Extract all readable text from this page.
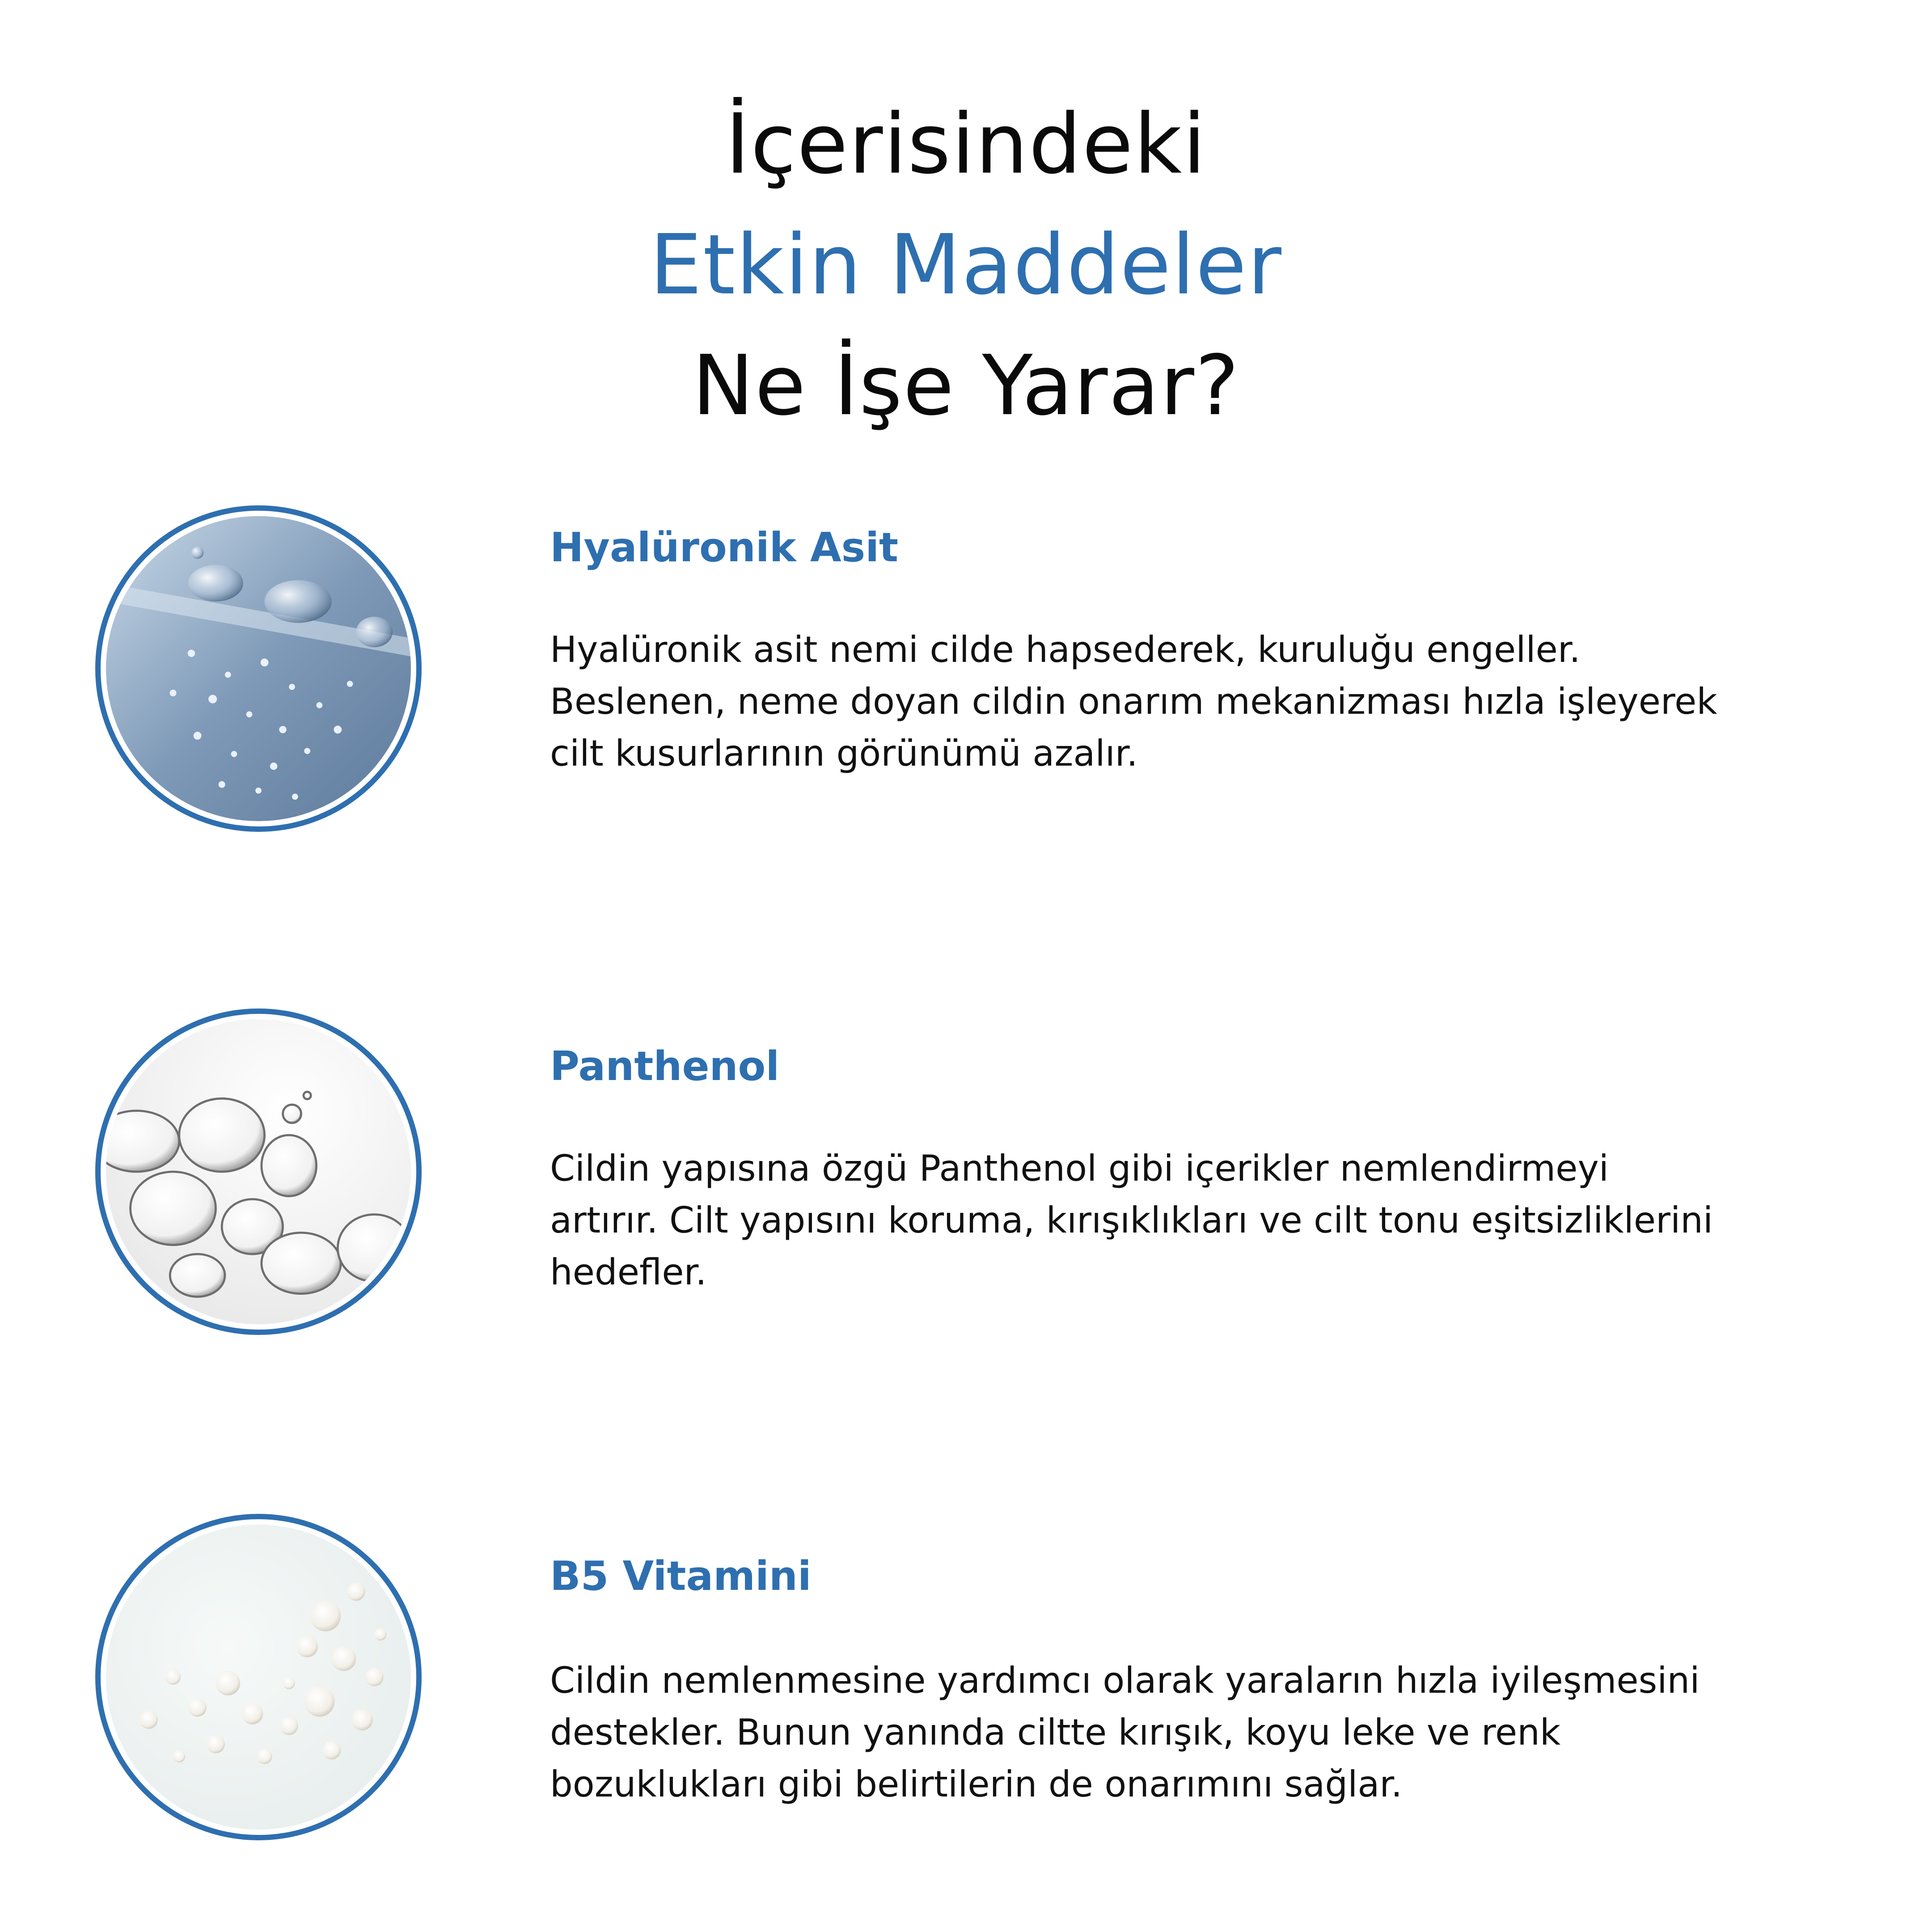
İçerisindeki
Etkin Maddeler
Ne İşe Yarar?
Hyalüronik Asit
Hyalüronik asit nemi cilde hapsederek, kuruluğu engeller.
Beslenen, neme doyan cildin onarım mekanizması hızla işleyerek
cilt kusurlarının görünümü azalır.
Panthenol
Cildin yapısına özgü Panthenol gibi içerikler nemlendirmeyi
artırır. Cilt yapısını koruma, kırışıklıkları ve cilt tonu eşitsizliklerini
hedefler.
B5 Vitamini
Cildin nemlenmesine yardımcı olarak yaraların hızla iyileşmesini
destekler. Bunun yanında ciltte kırışık, koyu leke ve renk
bozuklukları gibi belirtilerin de onarımını sağlar.
